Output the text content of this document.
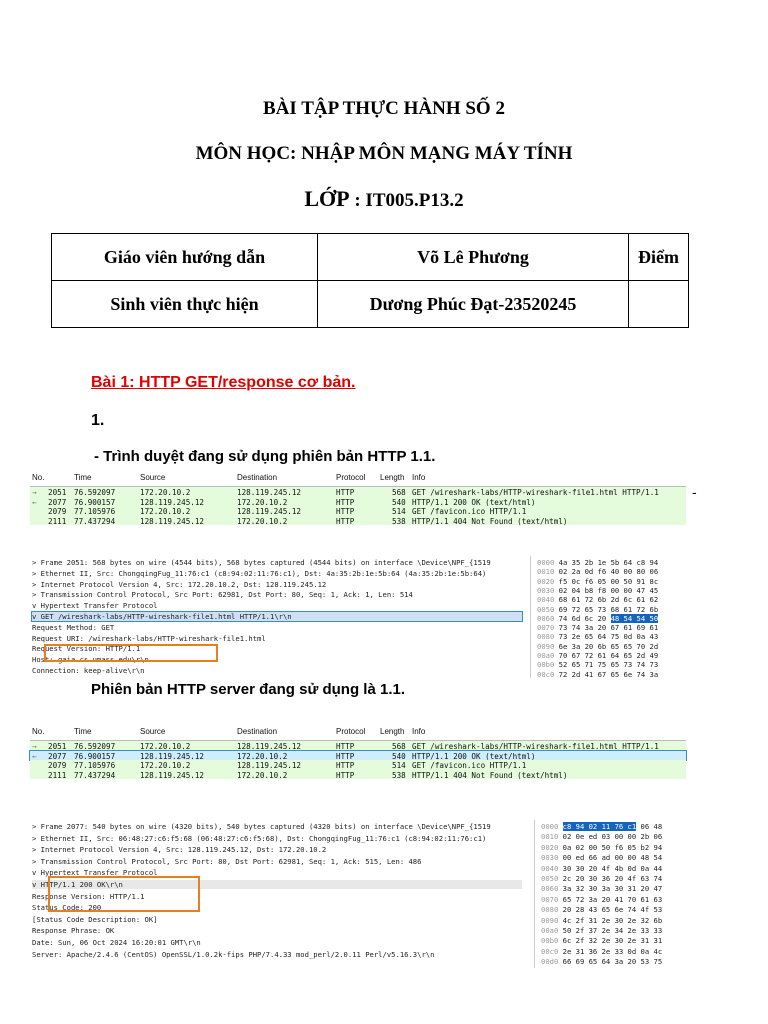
BÀI TẬP THỰC HÀNH SỐ 2
MÔN HỌC: NHẬP MÔN MẠNG MÁY TÍNH
LỚP : IT005.P13.2
Giáo viên hướng dẫn	Võ Lê Phương	Điểm
Sinh viên thực hiện	Dương Phúc Đạt-23520245	
Bài 1: HTTP GET/response cơ bản.
1.
- Trình duyệt đang sử dụng phiên bản HTTP 1.1.
No.	Time	Source	Destination	Protocol Length Info
2051 76.592097	172.20.10.2	128.119.245.12	HTTP	568 GET /wireshark-labs/HTTP-wireshark-file1.html HTTP/1.1
→
2077 76.900157	128.119.245.12	172.20.10.2	HTTP	540 HTTP/1.1 200 OK (text/html)
←
2079 77.105976	172.20.10.2	128.119.245.12	HTTP	514 GET /favicon.ico HTTP/1.1
2111 77.437294	128.119.245.12	172.20.10.2	HTTP	538 HTTP/1.1 404 Not Found (text/html)
-
> Frame 2051: 568 bytes on wire (4544 bits), 568 bytes captured (4544 bits) on interface \Device\NPF_{1519
> Ethernet II, Src: ChongqingFug_11:76:c1 (c8:94:02:11:76:c1), Dst: 4a:35:2b:1e:5b:64 (4a:35:2b:1e:5b:64)
> Internet Protocol Version 4, Src: 172.20.10.2, Dst: 128.119.245.12
> Transmission Control Protocol, Src Port: 62981, Dst Port: 80, Seq: 1, Ack: 1, Len: 514
v Hypertext Transfer Protocol
v GET /wireshark-labs/HTTP-wireshark-file1.html HTTP/1.1\r\n
Request Method: GET
Request URI: /wireshark-labs/HTTP-wireshark-file1.html
Request Version: HTTP/1.1
Host: gaia.cs.umass.edu\r\n
Connection: keep-alive\r\n
0000 4a 35 2b 1e 5b 64 c8 94
0010 02 2a 0d f6 40 00 80 06
0020 f5 0c f6 05 00 50 91 8c
0030 02 04 b8 f8 00 00 47 45
0040 68 61 72 6b 2d 6c 61 62
0050 69 72 65 73 68 61 72 6b
0060 74 6d 6c 20 48 54 54 50
0070 73 74 3a 20 67 61 69 61
0080 73 2e 65 64 75 0d 0a 43
0090 6e 3a 20 6b 65 65 70 2d
00a0 70 67 72 61 64 65 2d 49
00b0 52 65 71 75 65 73 74 73
00c0 72 2d 41 67 65 6e 74 3a
Phiên bản HTTP server đang sử dụng là 1.1.
No.	Time	Source	Destination	Protocol Length Info
2051 76.592097	172.20.10.2	128.119.245.12	HTTP	568 GET /wireshark-labs/HTTP-wireshark-file1.html HTTP/1.1
→
2077 76.900157	128.119.245.12	172.20.10.2	HTTP	540 HTTP/1.1 200 OK (text/html)
←
2079 77.105976	172.20.10.2	128.119.245.12	HTTP	514 GET /favicon.ico HTTP/1.1
2111 77.437294	128.119.245.12	172.20.10.2	HTTP	538 HTTP/1.1 404 Not Found (text/html)
> Frame 2077: 540 bytes on wire (4320 bits), 540 bytes captured (4320 bits) on interface \Device\NPF_{1519
> Ethernet II, Src: 06:48:27:c6:f5:68 (06:48:27:c6:f5:68), Dst: ChongqingFug_11:76:c1 (c8:94:02:11:76:c1)
> Internet Protocol Version 4, Src: 128.119.245.12, Dst: 172.20.10.2
> Transmission Control Protocol, Src Port: 80, Dst Port: 62981, Seq: 1, Ack: 515, Len: 486
v Hypertext Transfer Protocol
v HTTP/1.1 200 OK\r\n
Response Version: HTTP/1.1
Status Code: 200
[Status Code Description: OK]
Response Phrase: OK
Date: Sun, 06 Oct 2024 16:20:01 GMT\r\n
Server: Apache/2.4.6 (CentOS) OpenSSL/1.0.2k-fips PHP/7.4.33 mod_perl/2.0.11 Perl/v5.16.3\r\n
0000 c8 94 02 11 76 c1 06 48
0010 02 0e ed 03 00 00 2b 06
0020 0a 02 00 50 f6 05 b2 94
0030 00 ed 66 ad 00 00 48 54
0040 30 30 20 4f 4b 0d 0a 44
0050 2c 20 30 36 20 4f 63 74
0060 3a 32 30 3a 30 31 20 47
0070 65 72 3a 20 41 70 61 63
0080 20 28 43 65 6e 74 4f 53
0090 4c 2f 31 2e 30 2e 32 6b
00a0 50 2f 37 2e 34 2e 33 33
00b0 6c 2f 32 2e 30 2e 31 31
00c0 2e 31 36 2e 33 0d 0a 4c
00d0 66 69 65 64 3a 20 53 75
